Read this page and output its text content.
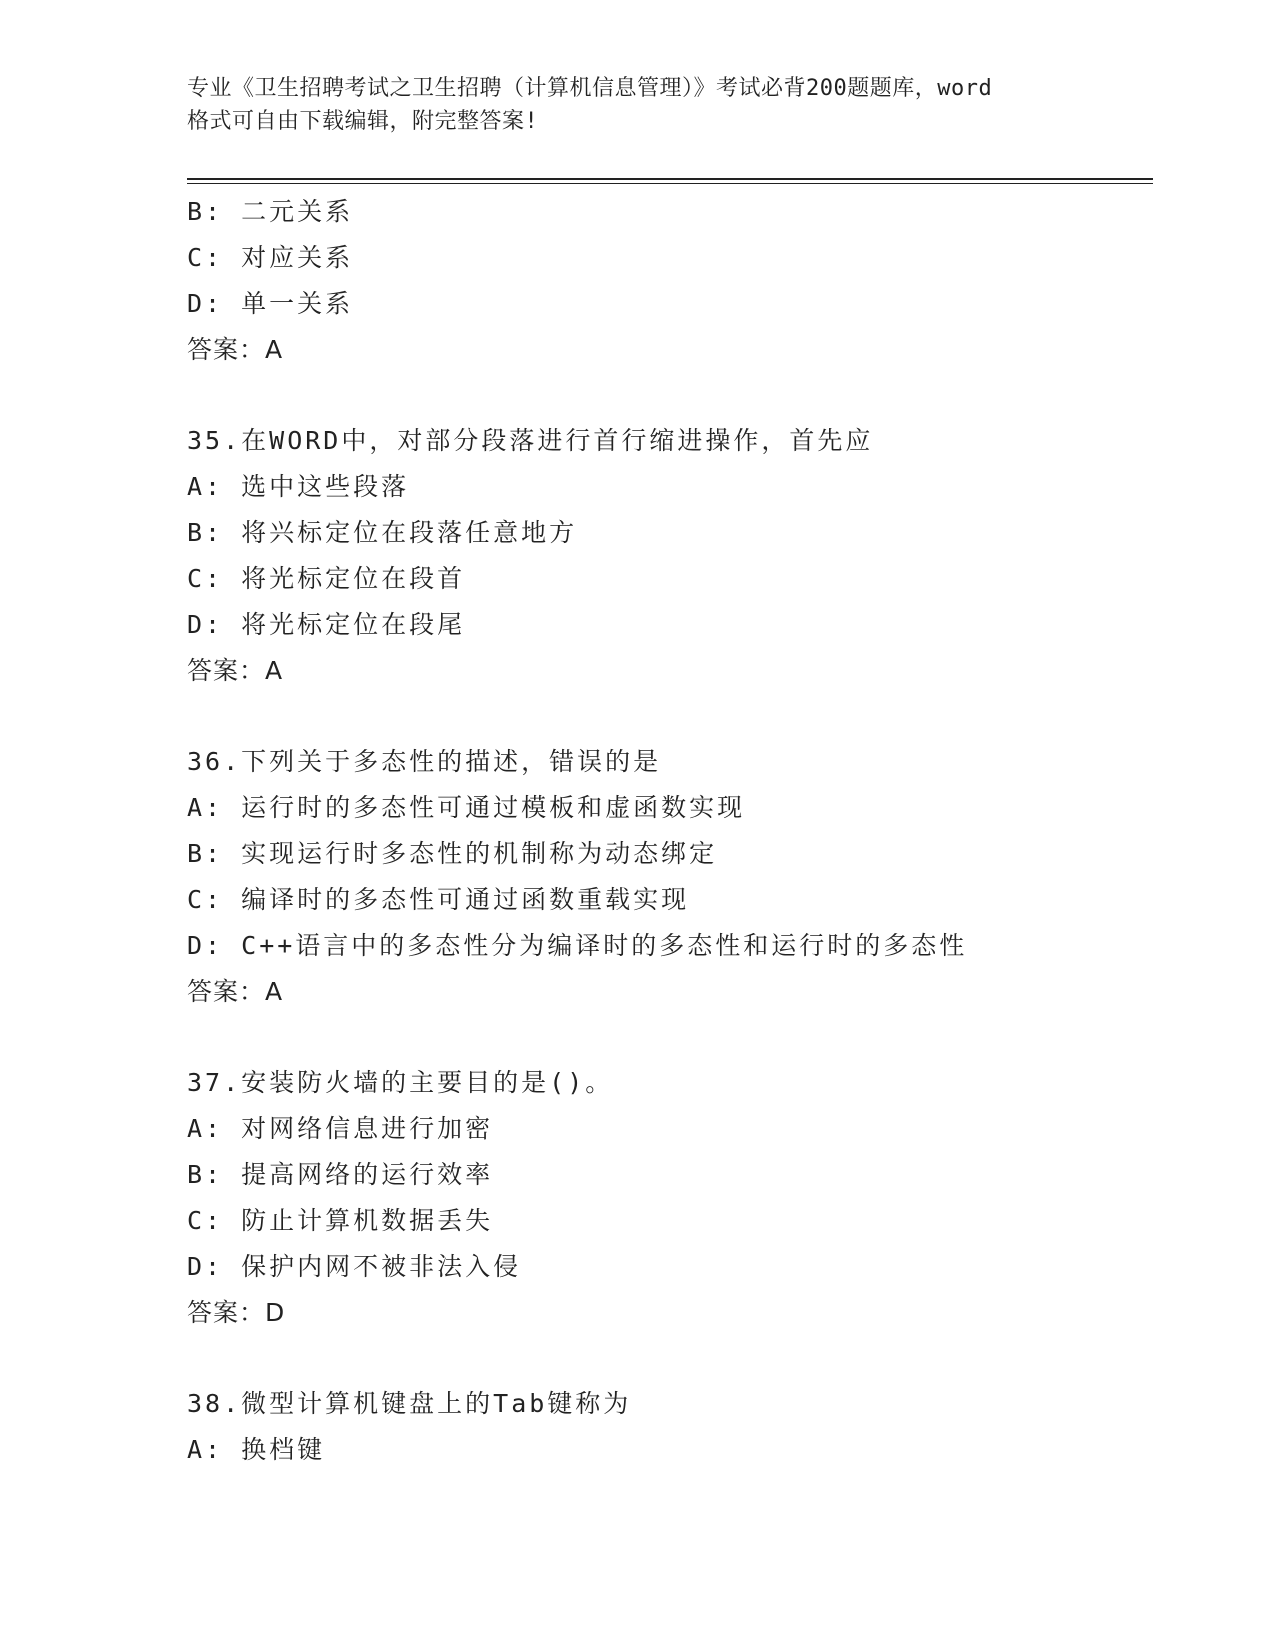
专业《卫生招聘考试之卫生招聘（计算机信息管理）》考试必背200题题库，word
格式可自由下载编辑，附完整答案!
B: 二元关系
C: 对应关系
D: 单一关系
答案：A
35.在WORD中，对部分段落进行首行缩进操作，首先应
A: 选中这些段落
B: 将兴标定位在段落任意地方
C: 将光标定位在段首
D: 将光标定位在段尾
答案：A
36.下列关于多态性的描述，错误的是
A: 运行时的多态性可通过模板和虚函数实现
B: 实现运行时多态性的机制称为动态绑定
C: 编译时的多态性可通过函数重载实现
D: C++语言中的多态性分为编译时的多态性和运行时的多态性
答案：A
37.安装防火墙的主要目的是()。
A: 对网络信息进行加密
B: 提高网络的运行效率
C: 防止计算机数据丢失
D: 保护内网不被非法入侵
答案：D
38.微型计算机键盘上的Tab键称为
A: 换档键
